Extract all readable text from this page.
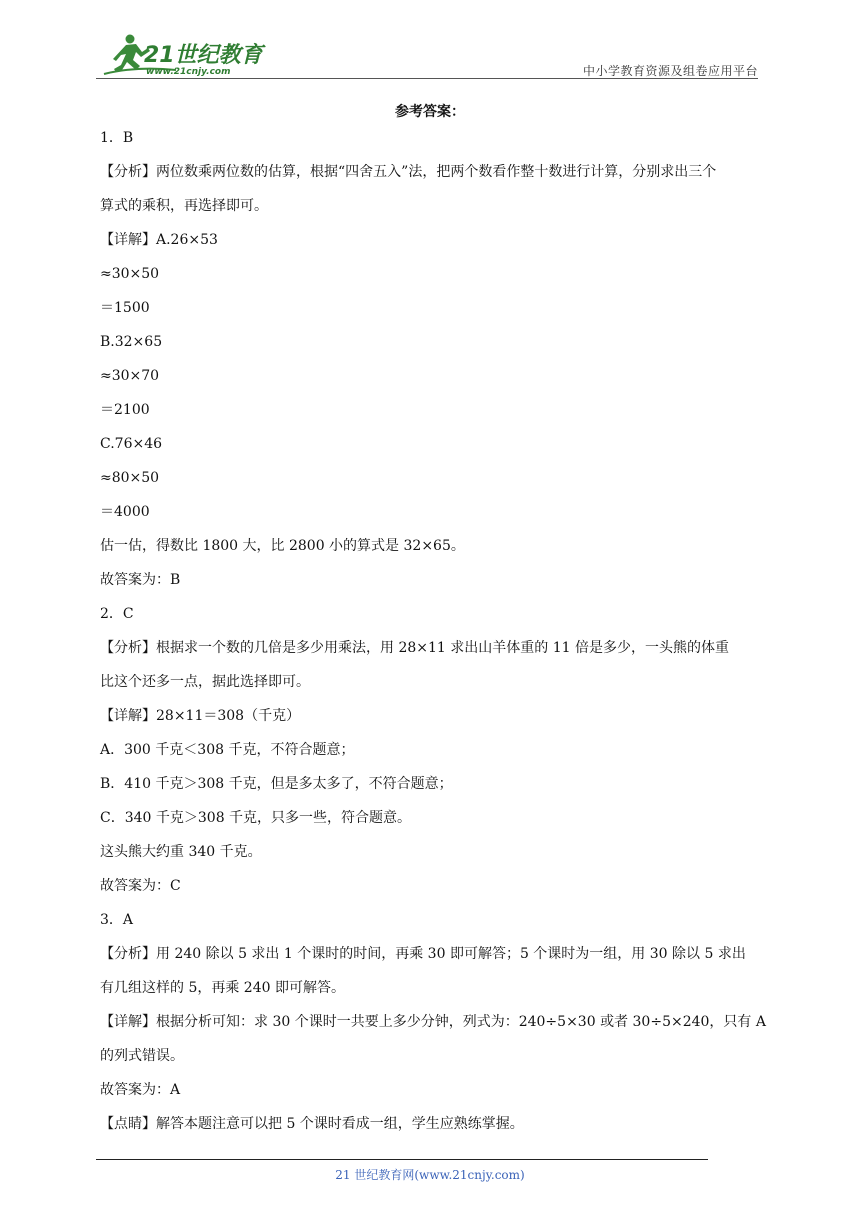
21世纪教育
www.21cnjy.com	中小学教育资源及组卷应用平台
参考答案：

1．B

【分析】两位数乘两位数的估算，根据“四舍五入”法，把两个数看作整十数进行计算，分别求出三个

算式的乘积，再选择即可。

【详解】A.26×53

≈30×50

＝1500

B.32×65

≈30×70

＝2100

C.76×46

≈80×50

＝4000

估一估，得数比 1800 大，比 2800 小的算式是 32×65。

故答案为：B

2．C

【分析】根据求一个数的几倍是多少用乘法，用 28×11 求出山羊体重的 11 倍是多少，一头熊的体重

比这个还多一点，据此选择即可。

【详解】28×11＝308（千克）

A．300 千克＜308 千克，不符合题意；

B．410 千克＞308 千克，但是多太多了，不符合题意；

C．340 千克＞308 千克，只多一些，符合题意。

这头熊大约重 340 千克。

故答案为：C

3．A

【分析】用 240 除以 5 求出 1 个课时的时间，再乘 30 即可解答；5 个课时为一组，用 30 除以 5 求出

有几组这样的 5，再乘 240 即可解答。

【详解】根据分析可知：求 30 个课时一共要上多少分钟，列式为：240÷5×30 或者 30÷5×240，只有 A

的列式错误。

故答案为：A

【点睛】解答本题注意可以把 5 个课时看成一组，学生应熟练掌握。

21 世纪教育网(www.21cnjy.com)
